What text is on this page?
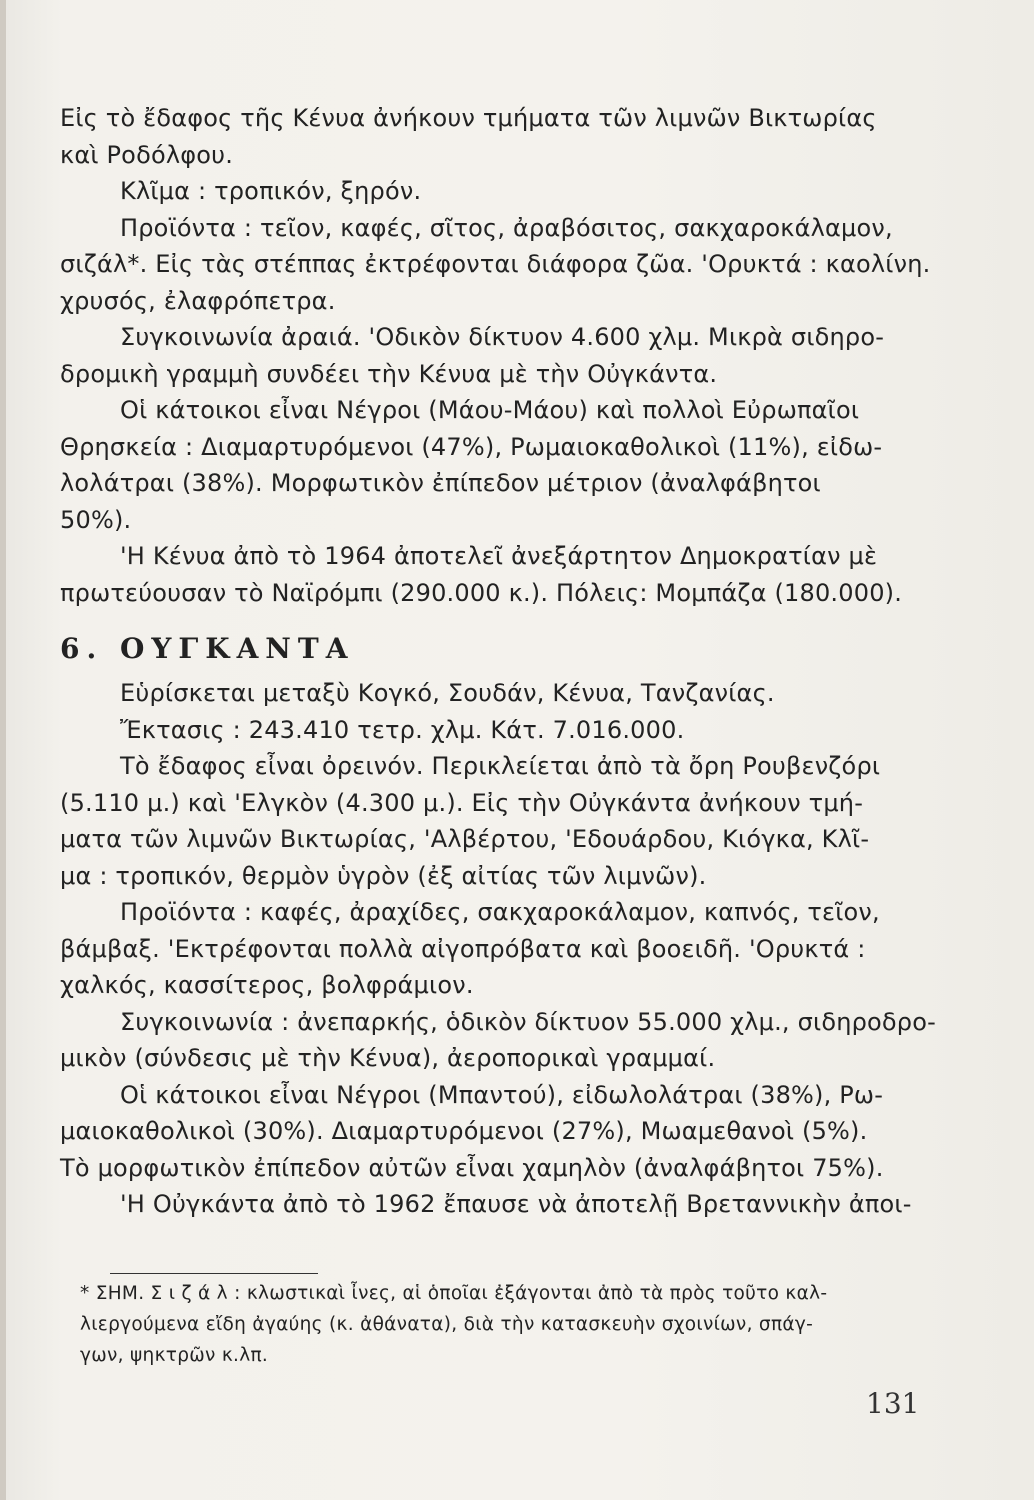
Εἰς τὸ ἔδαφος τῆς Κένυα ἀνήκουν τμήματα τῶν λιμνῶν Βικτωρίας
καὶ Ροδόλφου.
Κλῖμα : τροπικόν, ξηρόν.
Προϊόντα : τεῖον, καφές, σῖτος, ἀραβόσιτος, σακχαροκάλαμον,
σιζάλ*. Εἰς τὰς στέππας ἐκτρέφονται διάφορα ζῶα. 'Ορυκτά : καολίνη.
χρυσός, ἐλαφρόπετρα.
Συγκοινωνία ἀραιά. 'Οδικὸν δίκτυον 4.600 χλμ. Μικρὰ σιδηρο-
δρομικὴ γραμμὴ συνδέει τὴν Κένυα μὲ τὴν Οὐγκάντα.
Οἱ κάτοικοι εἶναι Νέγροι (Μάου-Μάου) καὶ πολλοὶ Εὐρωπαῖοι
Θρησκεία : Διαμαρτυρόμενοι (47%), Ρωμαιοκαθολικοὶ (11%), εἰδω-
λολάτραι (38%). Μορφωτικὸν ἐπίπεδον μέτριον (ἀναλφάβητοι
50%).
'Η Κένυα ἀπὸ τὸ 1964 ἀποτελεῖ ἀνεξάρτητον Δημοκρατίαν μὲ
πρωτεύουσαν τὸ Ναϊρόμπι (290.000 κ.). Πόλεις: Μομπάζα (180.000).
6. ΟΥΓΚΑΝΤΑ
Εὑρίσκεται μεταξὺ Κογκό, Σουδάν, Κένυα, Τανζανίας.
Ἔκτασις : 243.410 τετρ. χλμ. Κάτ. 7.016.000.
Τὸ ἔδαφος εἶναι ὀρεινόν. Περικλείεται ἀπὸ τὰ ὄρη Ρουβενζόρι
(5.110 μ.) καὶ 'Ελγκὸν (4.300 μ.). Εἰς τὴν Οὐγκάντα ἀνήκουν τμή-
ματα τῶν λιμνῶν Βικτωρίας, 'Αλβέρτου, 'Εδουάρδου, Κιόγκα, Κλῖ-
μα : τροπικόν, θερμὸν ὑγρὸν (ἐξ αἰτίας τῶν λιμνῶν).
Προϊόντα : καφές, ἀραχίδες, σακχαροκάλαμον, καπνός, τεῖον,
βάμβαξ. 'Εκτρέφονται πολλὰ αἰγοπρόβατα καὶ βοοειδῆ. 'Ορυκτά :
χαλκός, κασσίτερος, βολφράμιον.
Συγκοινωνία : ἀνεπαρκής, ὁδικὸν δίκτυον 55.000 χλμ., σιδηροδρο-
μικὸν (σύνδεσις μὲ τὴν Κένυα), ἀεροπορικαὶ γραμμαί.
Οἱ κάτοικοι εἶναι Νέγροι (Μπαντού), εἰδωλολάτραι (38%), Ρω-
μαιοκαθολικοὶ (30%). Διαμαρτυρόμενοι (27%), Μωαμεθανοὶ (5%).
Τὸ μορφωτικὸν ἐπίπεδον αὐτῶν εἶναι χαμηλὸν (ἀναλφάβητοι 75%).
'Η Οὐγκάντα ἀπὸ τὸ 1962 ἔπαυσε νὰ ἀποτελῇ Βρεταννικὴν ἀποι-
* ΣΗΜ. Σ ι ζ ά λ : κλωστικαὶ ἶνες, αἱ ὁποῖαι ἐξάγονται ἀπὸ τὰ πρὸς τοῦτο καλ-
λιεργούμενα εἴδη ἀγαύης (κ. ἀθάνατα), διὰ τὴν κατασκευὴν σχοινίων, σπάγ-
γων, ψηκτρῶν κ.λπ.
131
